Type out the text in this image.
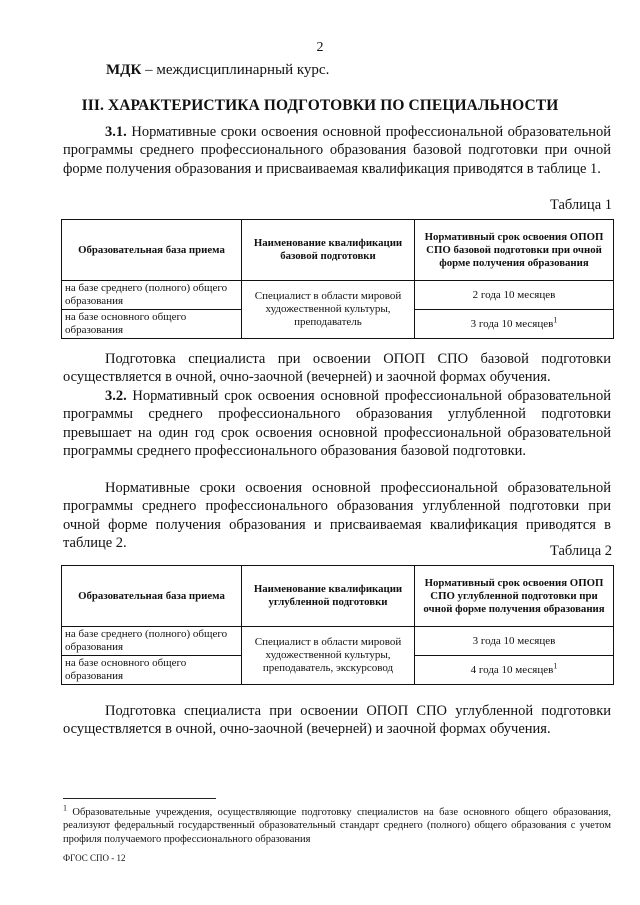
2
МДК – междисциплинарный курс.
III. ХАРАКТЕРИСТИКА ПОДГОТОВКИ ПО СПЕЦИАЛЬНОСТИ
3.1. Нормативные сроки освоения основной профессиональной образовательной программы среднего профессионального образования базовой подготовки при очной форме получения образования и присваиваемая квалификация приводятся в таблице 1.
Таблица 1
Образовательная база приема	Наименование квалификации базовой подготовки	Нормативный срок освоения ОПОП СПО базовой подготовки при очной форме получения образования
на базе среднего (полного) общего образования	Специалист в области мировой художественной культуры, преподаватель	2 года 10 месяцев
на базе основного общего образования		3 года 10 месяцев$^1$
Подготовка специалиста при освоении ОПОП СПО базовой подготовки осуществляется в очной, очно-заочной (вечерней) и заочной формах обучения.
3.2. Нормативный срок освоения основной профессиональной образовательной программы среднего профессионального образования углубленной подготовки превышает на один год срок освоения основной профессиональной образовательной программы среднего профессионального образования базовой подготовки.
Нормативные сроки освоения основной профессиональной образовательной программы среднего профессионального образования углубленной подготовки при очной форме получения образования и присваиваемая квалификация приводятся в таблице 2.	Таблица 2
Образовательная база приема	Наименование квалификации углубленной подготовки	Нормативный срок освоения ОПОП СПО углубленной подготовки при очной форме получения образования
на базе среднего (полного) общего образования	Специалист в области мировой художественной культуры, преподаватель, экскурсовод	3 года 10 месяцев
на базе основного общего образования		4 года 10 месяцев$^1$
Подготовка специалиста при освоении ОПОП СПО углубленной подготовки осуществляется в очной, очно-заочной (вечерней) и заочной формах обучения.
$^1$ Образовательные учреждения, осуществляющие подготовку специалистов на базе основного общего образования, реализуют федеральный государственный образовательный стандарт среднего (полного) общего образования с учетом профиля получаемого профессионального образования
ФГОС СПО - 12
